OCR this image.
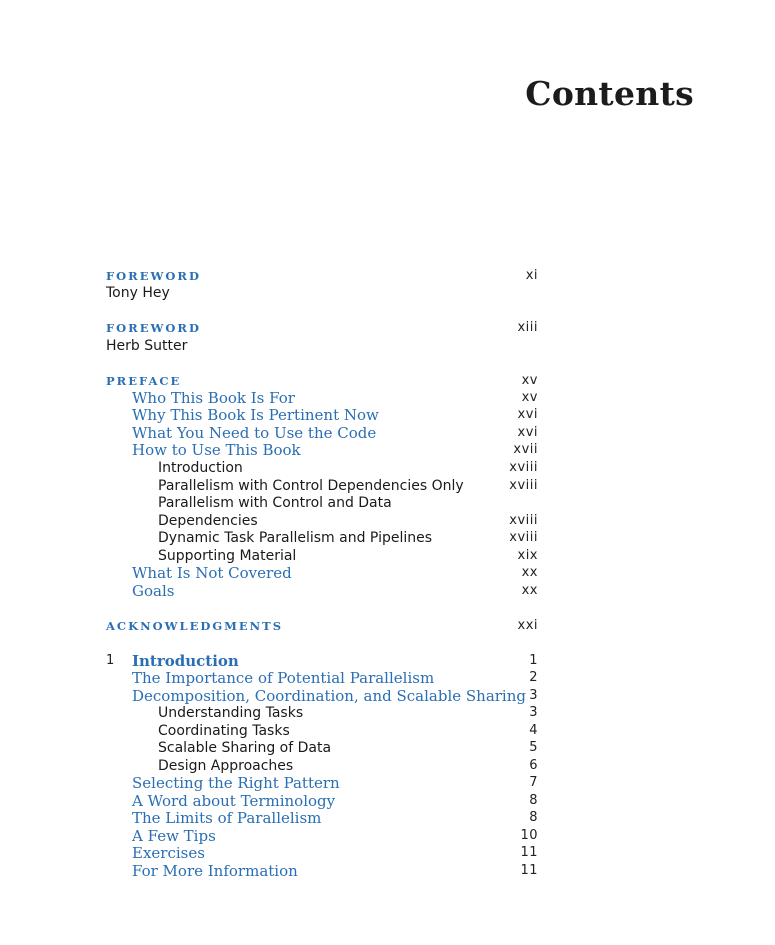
Contents
FOREWORD	xi
Tony Hey
FOREWORD	xiii
Herb Sutter
PREFACE	xv
Who This Book Is For	xv
Why This Book Is Pertinent Now	xvi
What You Need to Use the Code	xvi
How to Use This Book	xvii
Introduction	xviii
Parallelism with Control Dependencies Only	xviii
Parallelism with Control and Data
Dependencies	xviii
Dynamic Task Parallelism and Pipelines	xviii
Supporting Material	xix
What Is Not Covered	xx
Goals	xx
ACKNOWLEDGMENTS	xxi
1 Introduction	1
The Importance of Potential Parallelism	2
Decomposition, Coordination, and Scalable Sharing 3
Understanding Tasks	3
Coordinating Tasks	4
Scalable Sharing of Data	5
Design Approaches	6
Selecting the Right Pattern	7
A Word about Terminology	8
The Limits of Parallelism	8
A Few Tips	10
Exercises	11
For More Information	11
